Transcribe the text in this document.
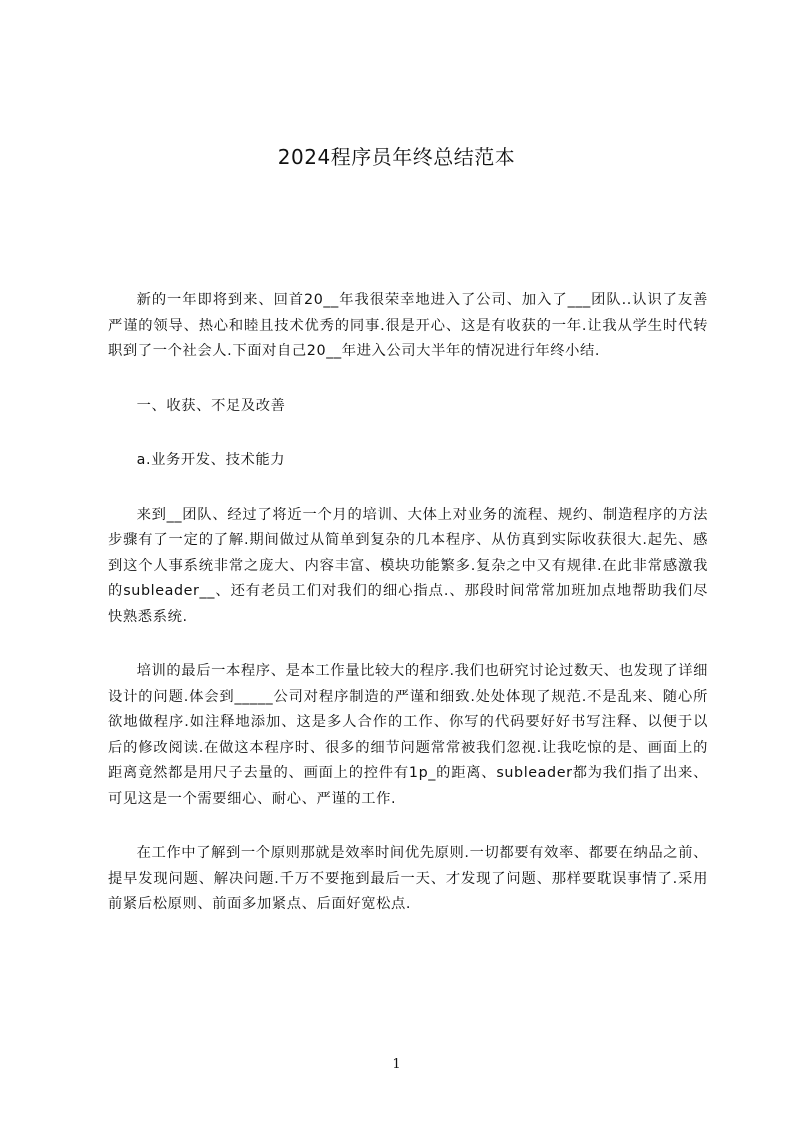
2024程序员年终总结范本

新的一年即将到来、回首20__年我很荣幸地进入了公司、加入了___团队..认识了友善严谨的领导、热心和睦且技术优秀的同事.很是开心、这是有收获的一年.让我从学生时代转职到了一个社会人.下面对自己20__年进入公司大半年的情况进行年终小结.

一、收获、不足及改善

a.业务开发、技术能力

来到__团队、经过了将近一个月的培训、大体上对业务的流程、规约、制造程序的方法步骤有了一定的了解.期间做过从简单到复杂的几本程序、从仿真到实际收获很大.起先、感到这个人事系统非常之庞大、内容丰富、模块功能繁多.复杂之中又有规律.在此非常感激我的subleader__、还有老员工们对我们的细心指点.、那段时间常常加班加点地帮助我们尽快熟悉系统.

培训的最后一本程序、是本工作量比较大的程序.我们也研究讨论过数天、也发现了详细设计的问题.体会到_____公司对程序制造的严谨和细致.处处体现了规范.不是乱来、随心所欲地做程序.如注释地添加、这是多人合作的工作、你写的代码要好好书写注释、以便于以后的修改阅读.在做这本程序时、很多的细节问题常常被我们忽视.让我吃惊的是、画面上的距离竟然都是用尺子去量的、画面上的控件有1p_的距离、subleader都为我们指了出来、可见这是一个需要细心、耐心、严谨的工作.

在工作中了解到一个原则那就是效率时间优先原则.一切都要有效率、都要在纳品之前、提早发现问题、解决问题.千万不要拖到最后一天、才发现了问题、那样要耽误事情了.采用前紧后松原则、前面多加紧点、后面好宽松点.

1
